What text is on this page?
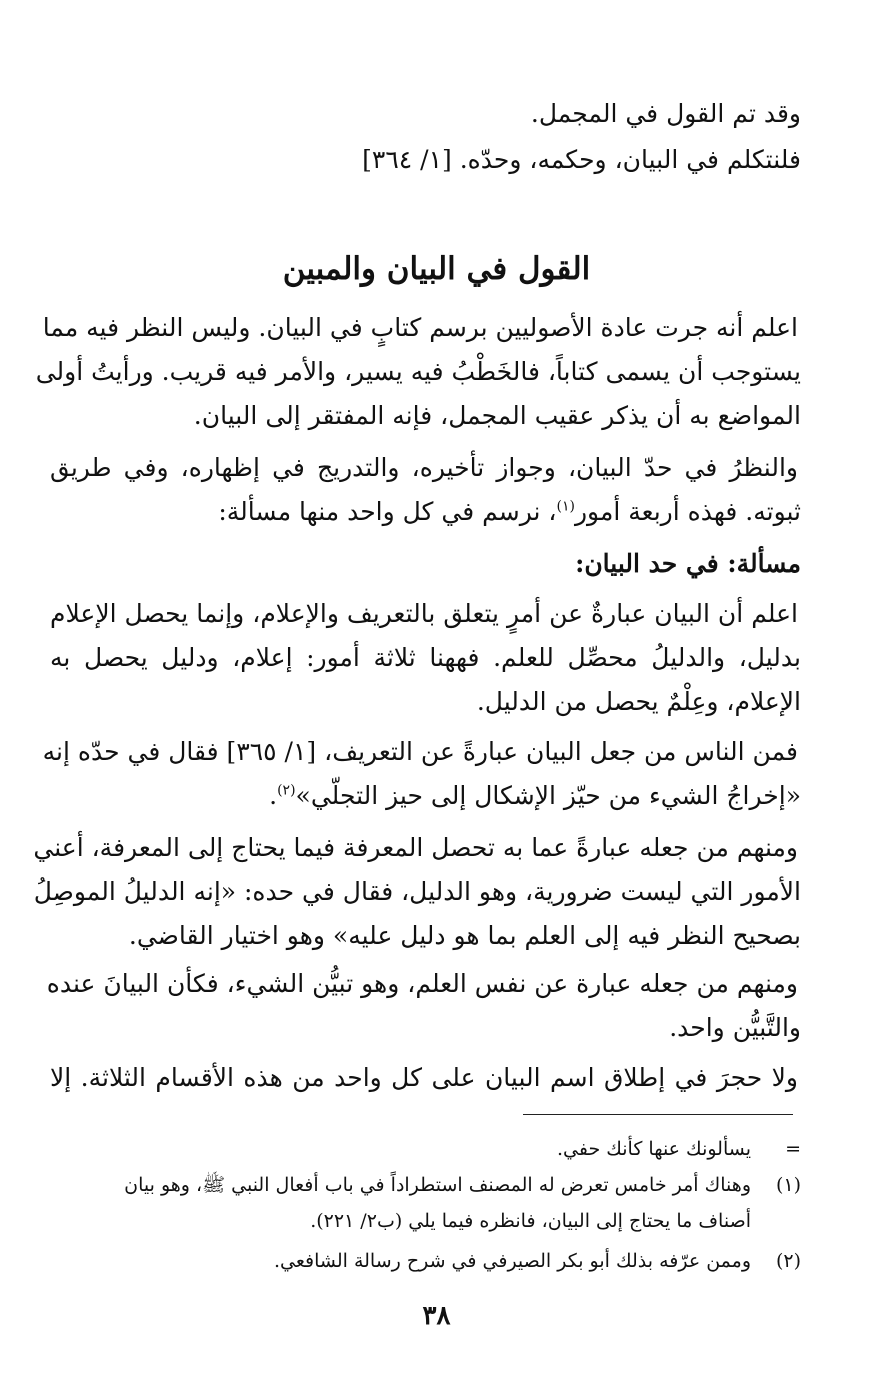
وقد تم القول في المجمل.
فلنتكلم في البيان، وحكمه، وحدّه. [١/ ٣٦٤]
القول في البيان والمبين
اعلم أنه جرت عادة الأصوليين برسم كتابٍ في البيان. وليس النظر فيه مما
يستوجب أن يسمى كتاباً، فالخَطْبُ فيه يسير، والأمر فيه قريب. ورأيتُ أولى
المواضع به أن يذكر عقيب المجمل، فإنه المفتقر إلى البيان.
والنظرُ في حدّ البيان، وجواز تأخيره، والتدريج في إظهاره، وفي طريق
ثبوته. فهذه أربعة أمور$^{(١)}$، نرسم في كل واحد منها مسألة:
مسألة: في حد البيان:
اعلم أن البيان عبارةٌ عن أمرٍ يتعلق بالتعريف والإعلام، وإنما يحصل الإعلام
بدليل، والدليلُ محصِّل للعلم. فههنا ثلاثة أمور: إعلام، ودليل يحصل به
الإعلام، وعِلْمٌ يحصل من الدليل.
فمن الناس من جعل البيان عبارةً عن التعريف، [١/ ٣٦٥] فقال في حدّه إنه
«إخراجُ الشيء من حيّز الإشكال إلى حيز التجلّي»$^{(٢)}$.
ومنهم من جعله عبارةً عما به تحصل المعرفة فيما يحتاج إلى المعرفة، أعني
الأمور التي ليست ضرورية، وهو الدليل، فقال في حده: «إنه الدليلُ الموصِلُ
بصحيح النظر فيه إلى العلم بما هو دليل عليه» وهو اختيار القاضي.
ومنهم من جعله عبارة عن نفس العلم، وهو تبيُّن الشيء، فكأن البيانَ عنده
والتَّبيُّن واحد.
ولا حجرَ في إطلاق اسم البيان على كل واحد من هذه الأقسام الثلاثة. إلا
=يسألونك عنها كأنك حفي.
(١)وهناك أمر خامس تعرض له المصنف استطراداً في باب أفعال النبي ﷺ، وهو بيان
أصناف ما يحتاج إلى البيان، فانظره فيما يلي (ب٢/ ٢٢١).
(٢)وممن عرّفه بذلك أبو بكر الصيرفي في شرح رسالة الشافعي.
٣٨
